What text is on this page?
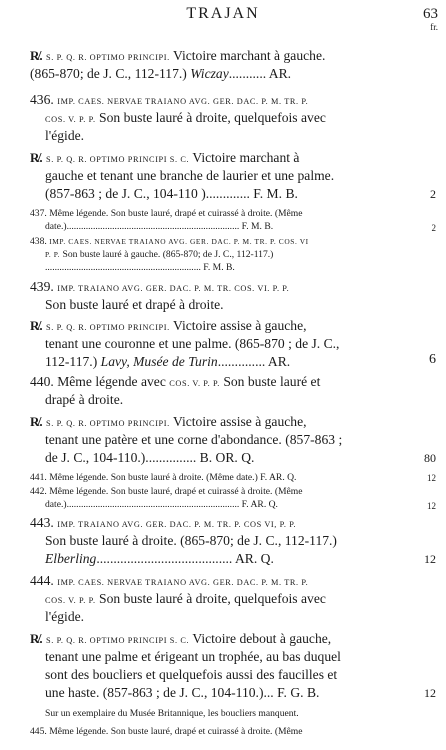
TRAJAN	63
fr.
R̸. S. P. Q. R. OPTIMO PRINCIPI. Victoire marchant à gauche.
(865-870; de J. C., 112-117.) Wiczay........... AR.
436. IMP. CAES. NERVAE TRAIANO AVG. GER. DAC. P. M. TR. P.
COS. V. P. P. Son buste lauré à droite, quelquefois avec
l'égide.
R̸. S. P. Q. R. OPTIMO PRINCIPI S. C. Victoire marchant à
gauche et tenant une branche de laurier et une palme.
(857-863 ; de J. C., 104-110 )............. F. M. B.	2
437. Même légende. Son buste lauré, drapé et cuirassé à droite. (Même
date.)........................................................................ F. M. B.	2
438. IMP. CAES. NERVAE TRAIANO AVG. GER. DAC. P. M. TR. P. COS. VI
P. P. Son buste lauré à gauche. (865-870; de J. C., 112-117.)
................................................................. F. M. B.
439. IMP. TRAIANO AVG. GER. DAC. P. M. TR. COS. VI. P. P.
Son buste lauré et drapé à droite.
R̸. S. P. Q. R. OPTIMO PRINCIPI. Victoire assise à gauche,
tenant une couronne et une palme. (865-870 ; de J. C.,
112-117.) Lavy, Musée de Turin.............. AR.	6
440. Même légende avec COS. V. P. P. Son buste lauré et
drapé à droite.
R̸. S. P. Q. R. OPTIMO PRINCIPI. Victoire assise à gauche,
tenant une patère et une corne d'abondance. (857-863 ;
de J. C., 104-110.)............... B. OR. Q.	80
441. Même légende. Son buste lauré à droite. (Même date.) F. AR. Q.	12
442. Même légende. Son buste lauré, drapé et cuirassé à droite. (Même
date.)........................................................................ F. AR. Q.	12
443. IMP. TRAIANO AVG. GER. DAC. P. M. TR. P. COS VI, P. P.
Son buste lauré à droite. (865-870; de J. C., 112-117.)
Elberling........................................ AR. Q.	12
444. IMP. CAES. NERVAE TRAIANO AVG. GER. DAC. P. M. TR. P.
COS. V. P. P. Son buste lauré à droite, quelquefois avec
l'égide.
R̸. S. P. Q. R. OPTIMO PRINCIPI S. C. Victoire debout à gauche,
tenant une palme et érigeant un trophée, au bas duquel
sont des boucliers et quelquefois aussi des faucilles et
une haste. (857-863 ; de J. C., 104-110.)... F. G. B.	12
Sur un exemplaire du Musée Britannique, les boucliers manquent.
445. Même légende. Son buste lauré, drapé et cuirassé à droite. (Même
